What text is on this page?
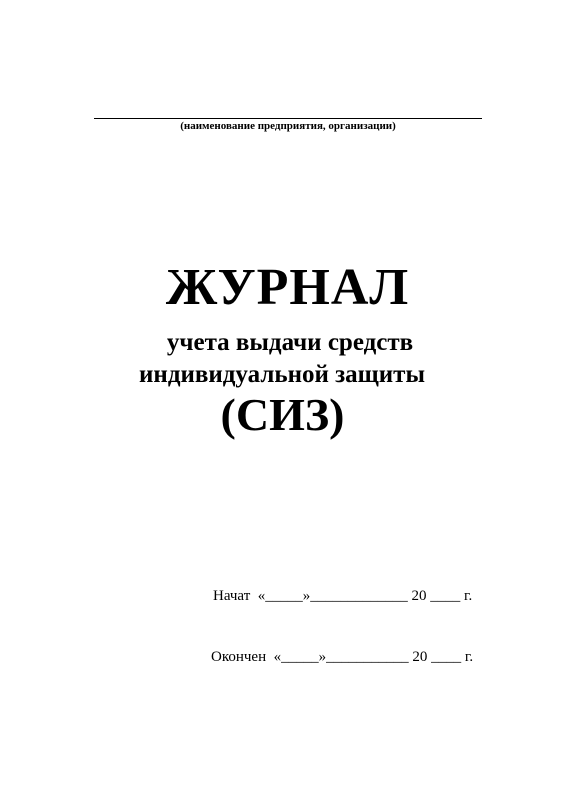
(наименование предприятия, организации)
ЖУРНАЛ
учета выдачи средств
индивидуальной защиты
(СИЗ)
Начат  «_____»_____________ 20 ____ г.
Окончен  «_____»___________ 20 ____ г.
